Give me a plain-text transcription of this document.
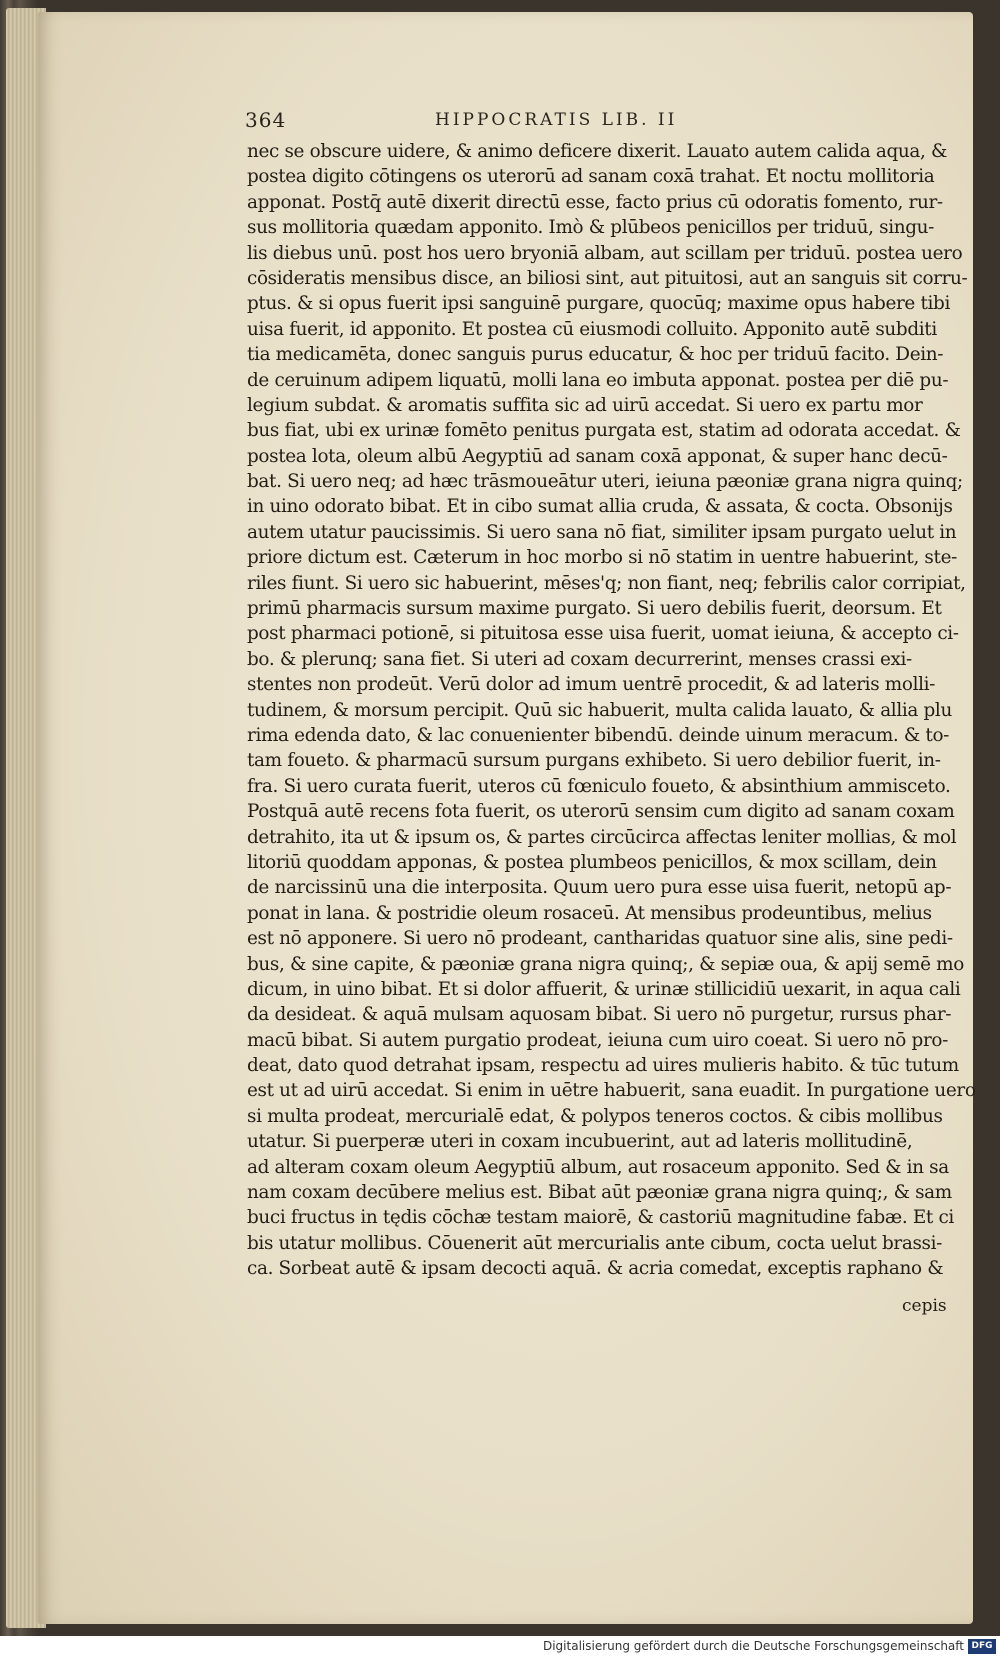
364	HIPPOCRATIS LIB. II
nec se obscure uidere, & animo deficere dixerit. Lauato autem calida aqua, &
postea digito cōtingens os uterorū ad sanam coxā trahat. Et noctu mollitoria
apponat. Postq̄ autē dixerit directū esse, facto prius cū odoratis fomento, rur-
sus mollitoria quædam apponito. Imò & plūbeos penicillos per triduū, singu-
lis diebus unū. post hos uero bryoniā albam, aut scillam per triduū. postea uero
cōsideratis mensibus disce, an biliosi sint, aut pituitosi, aut an sanguis sit corru-
ptus. & si opus fuerit ipsi sanguinē purgare, quocūq; maxime opus habere tibi
uisa fuerit, id apponito. Et postea cū eiusmodi colluito. Apponito autē subditi
tia medicamēta, donec sanguis purus educatur, & hoc per triduū facito. Dein-
de ceruinum adipem liquatū, molli lana eo imbuta apponat. postea per diē pu-
legium subdat. & aromatis suffita sic ad uirū accedat. Si uero ex partu mor
bus fiat, ubi ex urinæ fomēto penitus purgata est, statim ad odorata accedat. &
postea lota, oleum albū Aegyptiū ad sanam coxā apponat, & super hanc decū-
bat. Si uero neq; ad hæc trāsmoueātur uteri, ieiuna pæoniæ grana nigra quinq;
in uino odorato bibat. Et in cibo sumat allia cruda, & assata, & cocta. Obsonijs
autem utatur paucissimis. Si uero sana nō fiat, similiter ipsam purgato uelut in
priore dictum est. Cæterum in hoc morbo si nō statim in uentre habuerint, ste-
riles fiunt. Si uero sic habuerint, mēses'q; non fiant, neq; febrilis calor corripiat,
primū pharmacis sursum maxime purgato. Si uero debilis fuerit, deorsum. Et
post pharmaci potionē, si pituitosa esse uisa fuerit, uomat ieiuna, & accepto ci-
bo. & plerunq; sana fiet. Si uteri ad coxam decurrerint, menses crassi exi-
stentes non prodeūt. Verū dolor ad imum uentrē procedit, & ad lateris molli-
tudinem, & morsum percipit. Quū sic habuerit, multa calida lauato, & allia plu
rima edenda dato, & lac conuenienter bibendū. deinde uinum meracum. & to-
tam foueto. & pharmacū sursum purgans exhibeto. Si uero debilior fuerit, in-
fra. Si uero curata fuerit, uteros cū fœniculo foueto, & absinthium ammisceto.
Postquā autē recens fota fuerit, os uterorū sensim cum digito ad sanam coxam
detrahito, ita ut & ipsum os, & partes circūcirca affectas leniter mollias, & mol
litoriū quoddam apponas, & postea plumbeos penicillos, & mox scillam, dein
de narcissinū una die interposita. Quum uero pura esse uisa fuerit, netopū ap-
ponat in lana. & postridie oleum rosaceū. At mensibus prodeuntibus, melius
est nō apponere. Si uero nō prodeant, cantharidas quatuor sine alis, sine pedi-
bus, & sine capite, & pæoniæ grana nigra quinq;, & sepiæ oua, & apij semē mo
dicum, in uino bibat. Et si dolor affuerit, & urinæ stillicidiū uexarit, in aqua cali
da desideat. & aquā mulsam aquosam bibat. Si uero nō purgetur, rursus phar-
macū bibat. Si autem purgatio prodeat, ieiuna cum uiro coeat. Si uero nō pro-
deat, dato quod detrahat ipsam, respectu ad uires mulieris habito. & tūc tutum
est ut ad uirū accedat. Si enim in uētre habuerit, sana euadit. In purgatione uero
si multa prodeat, mercurialē edat, & polypos teneros coctos. & cibis mollibus
utatur. Si puerperæ uteri in coxam incubuerint, aut ad lateris mollitudinē,
ad alteram coxam oleum Aegyptiū album, aut rosaceum apponito. Sed & in sa
nam coxam decūbere melius est. Bibat aūt pæoniæ grana nigra quinq;, & sam
buci fructus in tędis cōchæ testam maiorē, & castoriū magnitudine fabæ. Et ci
bis utatur mollibus. Cōuenerit aūt mercurialis ante cibum, cocta uelut brassi-
ca. Sorbeat autē & ipsam decocti aquā. & acria comedat, exceptis raphano &
cepis
Digitalisierung gefördert durch die Deutsche Forschungsgemeinschaft DFG
